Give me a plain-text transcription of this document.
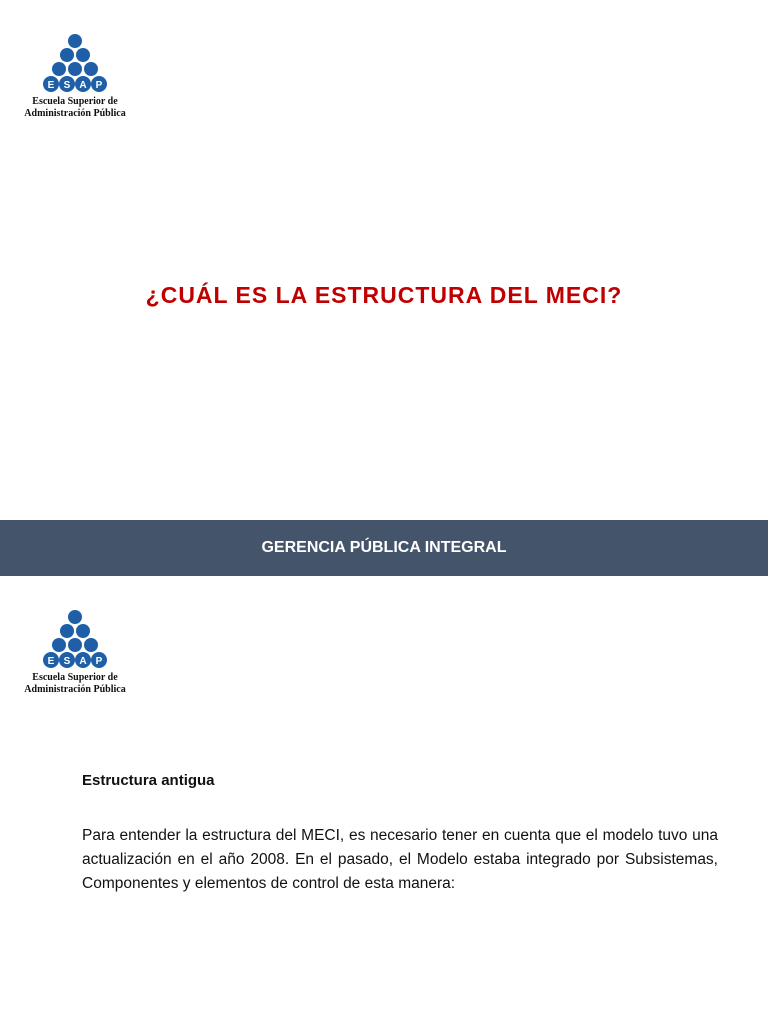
E S A P
Escuela Superior de
Administración Pública
¿CUÁL ES LA ESTRUCTURA DEL MECI?
GERENCIA PÚBLICA INTEGRAL
E S A P
Escuela Superior de
Administración Pública
Estructura antigua

Para entender la estructura del MECI, es necesario tener en cuenta que el modelo tuvo una actualización en el año 2008. En el pasado, el Modelo estaba integrado por Subsistemas, Componentes y elementos de control de esta manera:
